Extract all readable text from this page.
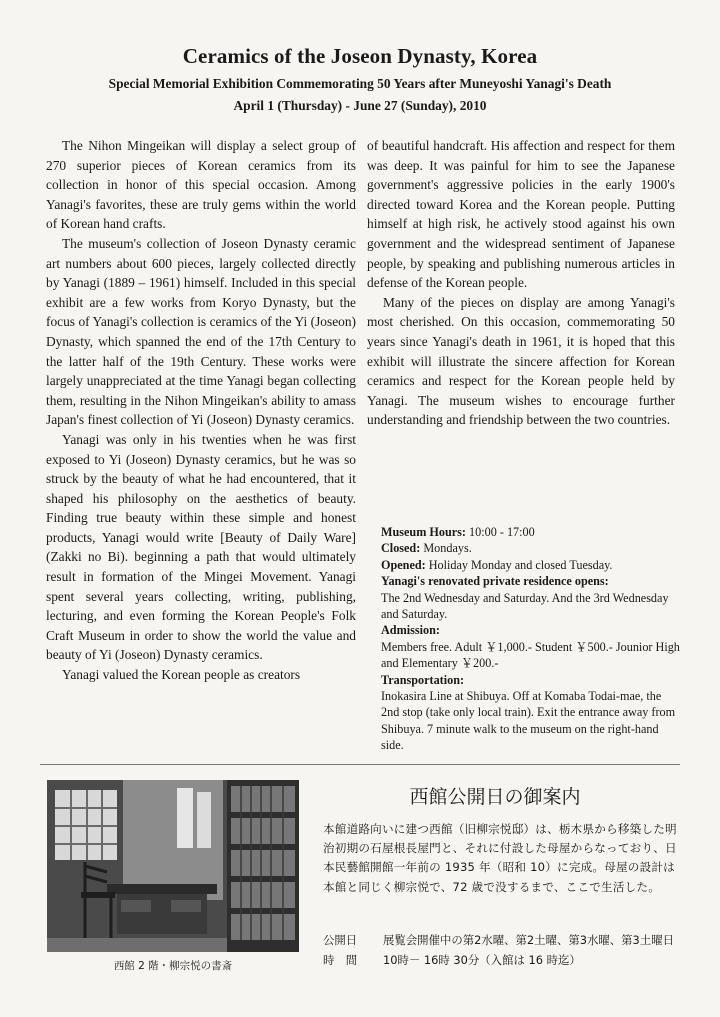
Ceramics of the Joseon Dynasty, Korea
Special Memorial Exhibition Commemorating 50 Years after Muneyoshi Yanagi's Death
April 1 (Thursday) - June 27 (Sunday), 2010

The Nihon Mingeikan will display a select group of 270 superior pieces of Korean ceramics from its collection in honor of this special occasion. Among Yanagi's favorites, these are truly gems within the world of Korean hand crafts.

The museum's collection of Joseon Dynasty ceramic art numbers about 600 pieces, largely collected directly by Yanagi (1889 – 1961) himself. Included in this special exhibit are a few works from Koryo Dynasty, but the focus of Yanagi's collection is ceramics of the Yi (Joseon) Dynasty, which spanned the end of the 17th Century to the latter half of the 19th Century. These works were largely unappreciated at the time Yanagi began collecting them, resulting in the Nihon Mingeikan's ability to amass Japan's finest collection of Yi (Joseon) Dynasty ceramics.

Yanagi was only in his twenties when he was first exposed to Yi (Joseon) Dynasty ceramics, but he was so struck by the beauty of what he had encountered, that it shaped his philosophy on the aesthetics of beauty. Finding true beauty within these simple and honest products, Yanagi would write [Beauty of Daily Ware](Zakki no Bi). beginning a path that would ultimately result in formation of the Mingei Movement. Yanagi spent several years collecting, writing, publishing, lecturing, and even forming the Korean People's Folk Craft Museum in order to show the world the value and beauty of Yi (Joseon) Dynasty ceramics.

Yanagi valued the Korean people as creators

of beautiful handcraft. His affection and respect for them was deep. It was painful for him to see the Japanese government's aggressive policies in the early 1900's directed toward Korea and the Korean people. Putting himself at high risk, he actively stood against his own government and the widespread sentiment of Japanese people, by speaking and publishing numerous articles in defense of the Korean people.

Many of the pieces on display are among Yanagi's most cherished. On this occasion, commemorating 50 years since Yanagi's death in 1961, it is hoped that this exhibit will illustrate the sincere affection for Korean ceramics and respect for the Korean people held by Yanagi. The museum wishes to encourage further understanding and friendship between the two countries.

Museum Hours: 10:00 - 17:00
Closed: Mondays.
Opened: Holiday Monday and closed Tuesday.
Yanagi's renovated private residence opens:
The 2nd Wednesday and Saturday. And the 3rd Wednesday and Saturday.
Admission:
Members free. Adult ￥1,000.- Student ￥500.- Jounior High and Elementary ￥200.-
Transportation:
Inokasira Line at Shibuya. Off at Komaba Todai-mae, the 2nd stop (take only local train). Exit the entrance away from Shibuya. 7 minute walk to the museum on the right-hand side.
西館 2 階・柳宗悦の書斎
西館公開日の御案内

本館道路向いに建つ西館（旧柳宗悦邸）は、栃木県から移築した明治初期の石屋根長屋門と、それに付設した母屋からなっており、日本民藝館開館一年前の 1935 年（昭和 10）に完成。母屋の設計は本館と同じく柳宗悦で、72 歳で没するまで、ここで生活した。

公開日 展覧会開催中の第2水曜、第2土曜、第3水曜、第3土曜日
時　間 10時－ 16時 30分（入館は 16 時迄）
